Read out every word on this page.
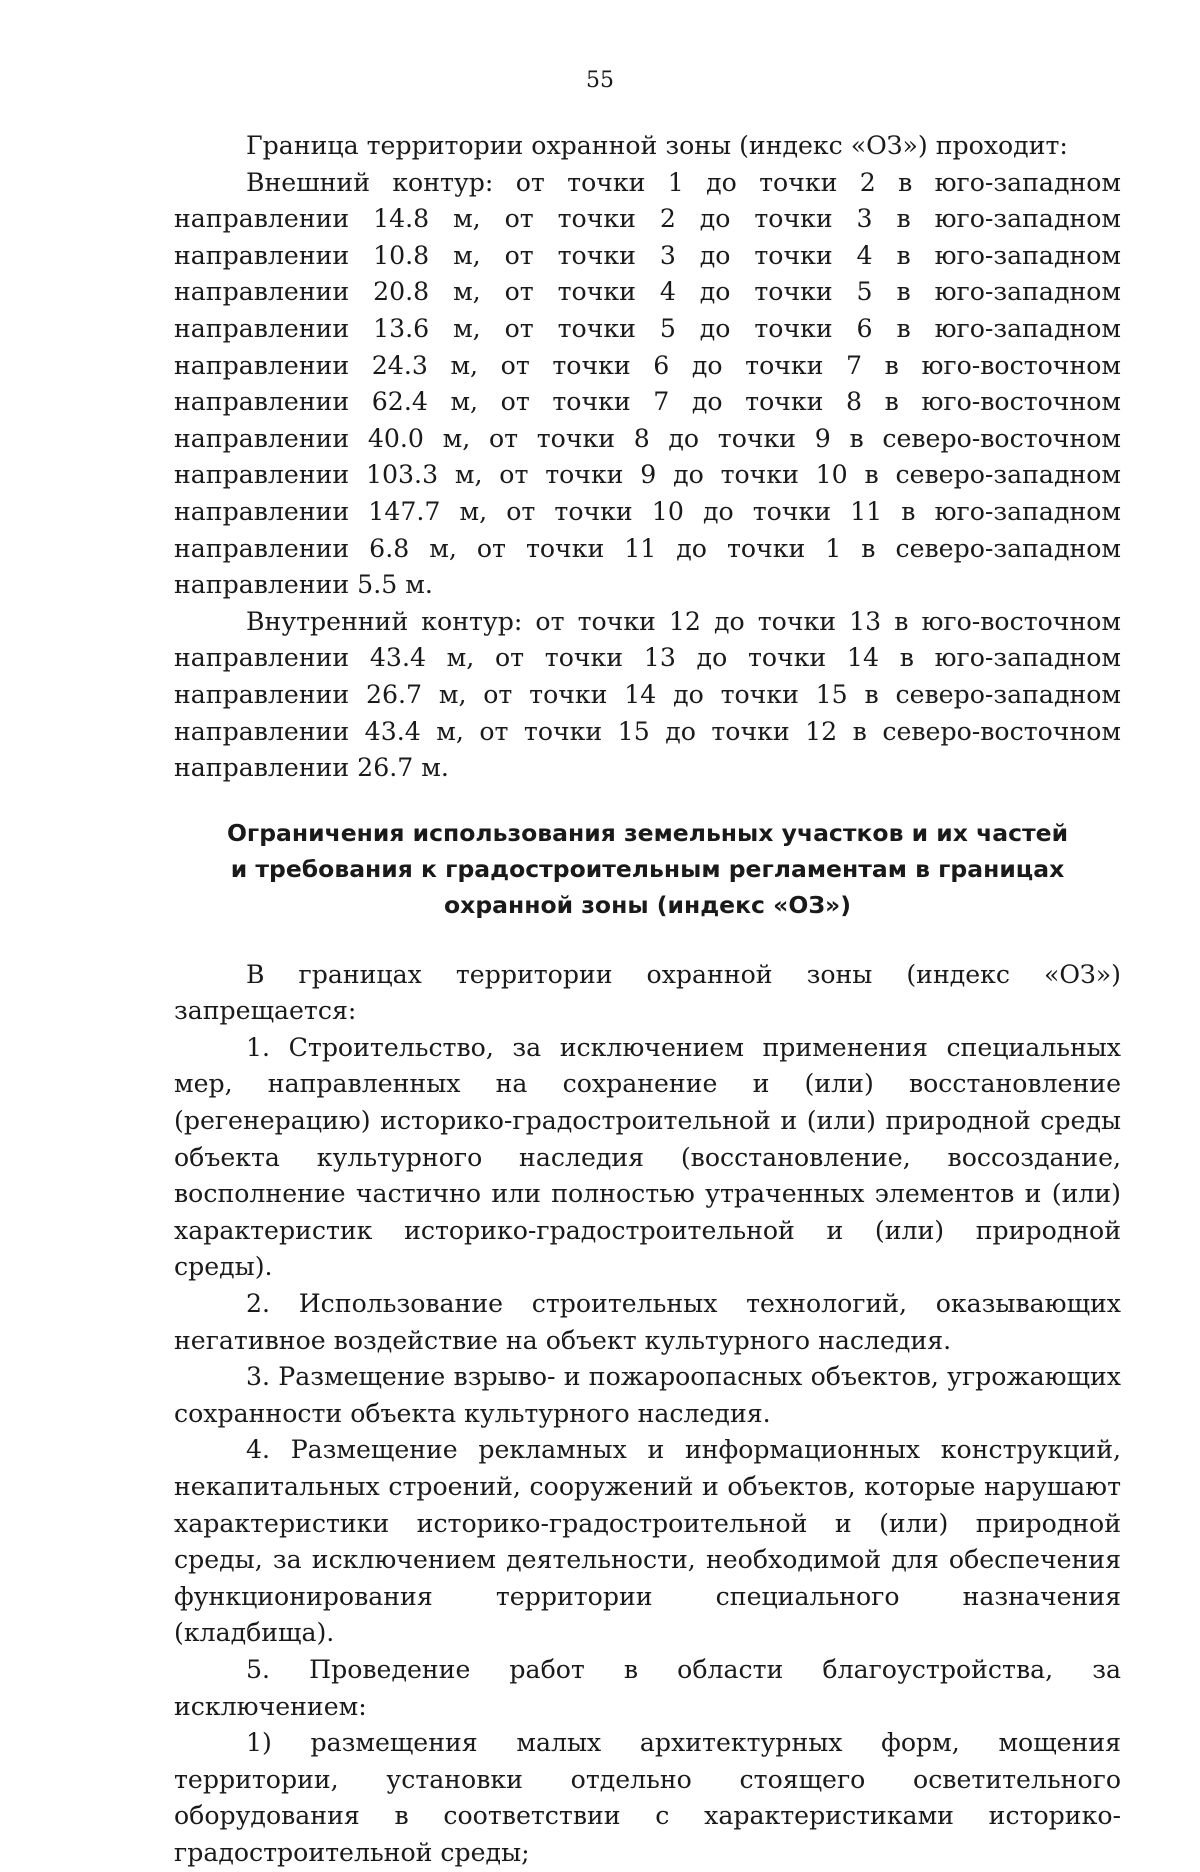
55

Граница территории охранной зоны (индекс «ОЗ») проходит:

Внешний контур: от точки 1 до точки 2 в юго-западном направлении 14.8 м, от точки 2 до точки 3 в юго-западном направлении 10.8 м, от точки 3 до точки 4 в юго-западном направлении 20.8 м, от точки 4 до точки 5 в юго-западном направлении 13.6 м, от точки 5 до точки 6 в юго-западном направлении 24.3 м, от точки 6 до точки 7 в юго-восточном направлении 62.4 м, от точки 7 до точки 8 в юго-восточном направлении 40.0 м, от точки 8 до точки 9 в северо-восточном направлении 103.3 м, от точки 9 до точки 10 в северо-западном направлении 147.7 м, от точки 10 до точки 11 в юго-западном направлении 6.8 м, от точки 11 до точки 1 в северо-западном направлении 5.5 м.

Внутренний контур: от точки 12 до точки 13 в юго-восточном направлении 43.4 м, от точки 13 до точки 14 в юго-западном направлении 26.7 м, от точки 14 до точки 15 в северо-западном направлении 43.4 м, от точки 15 до точки 12 в северо-восточном направлении 26.7 м.

Ограничения использования земельных участков и их частей
и требования к градостроительным регламентам в границах
охранной зоны (индекс «ОЗ»)

В границах территории охранной зоны (индекс «ОЗ») запрещается:

1. Строительство, за исключением применения специальных мер, направленных на сохранение и (или) восстановление (регенерацию) историко-градостроительной и (или) природной среды объекта культурного наследия (восстановление, воссоздание, восполнение частично или полностью утраченных элементов и (или) характеристик историко-градостроительной и (или) природной среды).

2. Использование строительных технологий, оказывающих негативное воздействие на объект культурного наследия.

3. Размещение взрыво- и пожароопасных объектов, угрожающих сохранности объекта культурного наследия.

4. Размещение рекламных и информационных конструкций, некапитальных строений, сооружений и объектов, которые нарушают характеристики историко-градостроительной и (или) природной среды, за исключением деятельности, необходимой для обеспечения функционирования территории специального назначения (кладбища).

5. Проведение работ в области благоустройства, за исключением:

1) размещения малых архитектурных форм, мощения территории, установки отдельно стоящего осветительного оборудования в соответствии с характеристиками историко-градостроительной среды;
